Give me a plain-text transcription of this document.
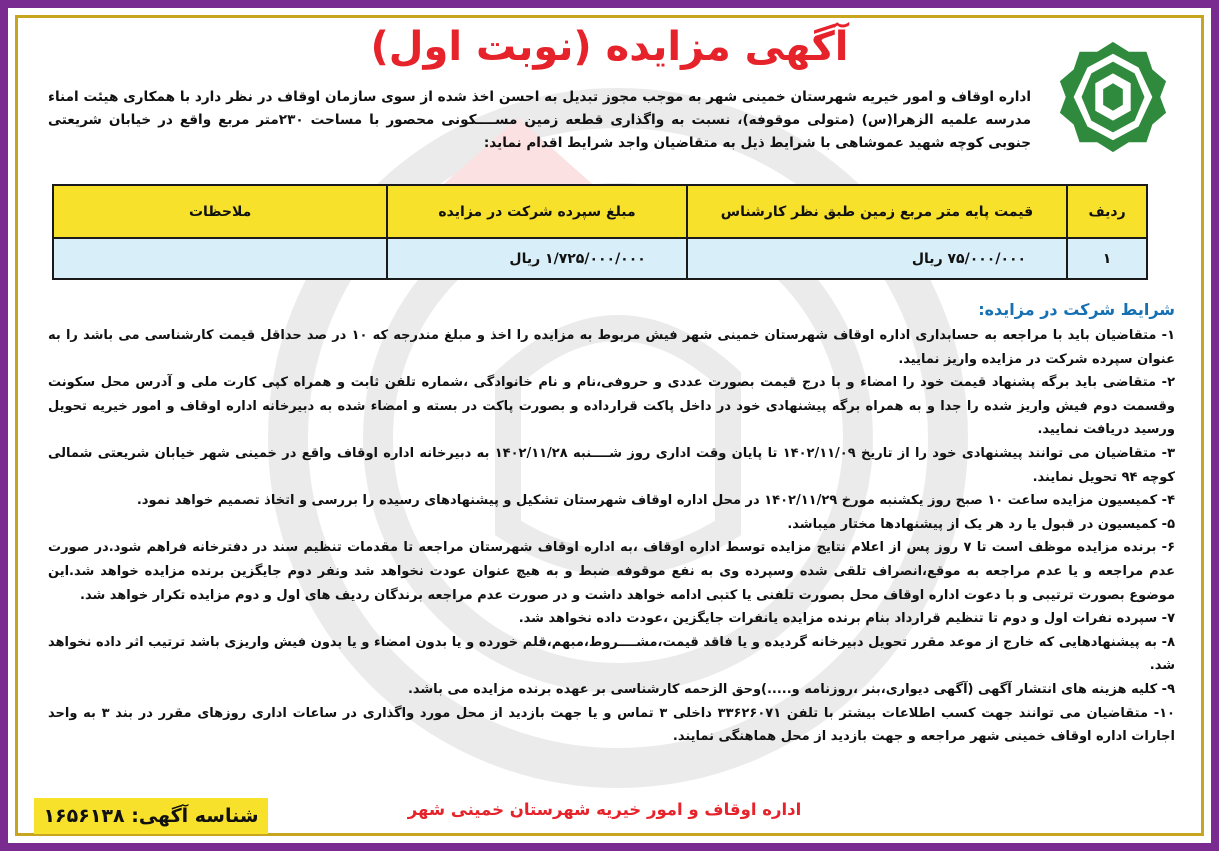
آگهی مزایده (نوبت اول)
اداره اوقاف و امور خیریه شهرستان خمینی شهر به موجب مجوز تبدیل به احسن اخذ شده از سوی سازمان اوقاف در نظر دارد با همکاری هیئت امناء مدرسه علمیه الزهرا(س) (متولی موقوفه)، نسبت به واگذاری قطعه زمین مســــکونی محصور با مساحت ۲۳۰متر مربع واقع در خیابان شریعتی جنوبی کوچه شهید عموشاهی با شرایط ذیل به متقاضیان واجد شرایط اقدام نماید:
ردیف	قیمت پایه متر مربع زمین طبق نظر کارشناس	مبلغ سپرده شرکت در مزایده	ملاحظات
۱	۷۵/۰۰۰/۰۰۰ ریال	۱/۷۲۵/۰۰۰/۰۰۰ ریال	
شرایط شرکت در مزایده:

۱- متقاضیان باید با مراجعه به حسابداری اداره اوقاف شهرستان خمینی شهر فیش مربوط به مزایده را اخذ و مبلغ مندرجه که ۱۰ در صد حداقل قیمت کارشناسی می باشد را به عنوان سپرده شرکت در مزایده واریز نمایید.

۲- متقاضی باید برگه پشنهاد قیمت خود را امضاء و با درج قیمت بصورت عددی و حروفی،نام و نام خانوادگی ،شماره تلفن ثابت و همراه کپی کارت ملی و آدرس محل سکونت وقسمت دوم فیش واریز شده را جدا و به همراه برگه پیشنهادی خود در داخل پاکت قرارداده و بصورت پاکت در بسته و امضاء شده به دبیرخانه اداره اوقاف و امور خیریه تحویل ورسید دریافت نمایید.

۳- متقاضیان می توانند پیشنهادی خود را از تاریخ ۱۴۰۲/۱۱/۰۹ تا پایان وقت اداری روز شــــنبه ۱۴۰۲/۱۱/۲۸ به دبیرخانه اداره اوقاف واقع در خمینی شهر خیابان شریعتی شمالی کوچه ۹۴ تحویل نمایند.

۴- کمیسیون مزایده ساعت ۱۰ صبح روز یکشنبه مورخ ۱۴۰۲/۱۱/۲۹ در محل اداره اوقاف شهرستان تشکیل و پیشنهادهای رسیده را بررسی و اتخاذ تصمیم خواهد نمود.

۵- کمیسیون در قبول یا رد هر یک از پیشنهادها مختار میباشد.

۶- برنده مزایده موظف است تا ۷ روز پس از اعلام نتایج مزایده توسط اداره اوقاف ،به اداره اوقاف شهرستان مراجعه تا مقدمات تنظیم سند در دفترخانه فراهم شود.در صورت عدم مراجعه و یا عدم مراجعه به موقع،انصراف تلقی شده وسپرده وی به نفع موقوفه ضبط و به هیچ عنوان عودت نخواهد شد ونفر دوم جایگزین برنده مزایده خواهد شد.این موضوع بصورت ترتیبی و با دعوت اداره اوقاف محل بصورت تلفنی یا کتبی ادامه خواهد داشت و در صورت عدم مراجعه برندگان ردیف های اول و دوم مزایده تکرار خواهد شد.

۷- سپرده نفرات اول و دوم تا تنظیم قرارداد بنام برنده مزایده یانفرات جایگزین ،عودت داده نخواهد شد.

۸- به پیشنهادهایی که خارج از موعد مقرر تحویل دبیرخانه گردیده و یا فاقد قیمت،مشــــروط،مبهم،قلم خورده و یا بدون امضاء و یا بدون فیش واریزی باشد ترتیب اثر داده نخواهد شد.

۹- کلیه هزینه های انتشار آگهی (آگهی دیواری،بنر ،روزنامه و.....)وحق الزحمه کارشناسی بر عهده برنده مزایده می باشد.

۱۰- متقاضیان می توانند جهت کسب اطلاعات بیشتر با تلفن ۳۳۶۲۶۰۷۱ داخلی ۳ تماس و یا جهت بازدید از محل مورد واگذاری در ساعات اداری روزهای مقرر در بند ۳ به واحد اجارات اداره اوقاف خمینی شهر مراجعه و جهت بازدید از محل هماهنگی نمایند.

اداره اوقاف و امور خیریه شهرستان خمینی شهر
شناسه آگهی: ۱۶۵۶۱۳۸
